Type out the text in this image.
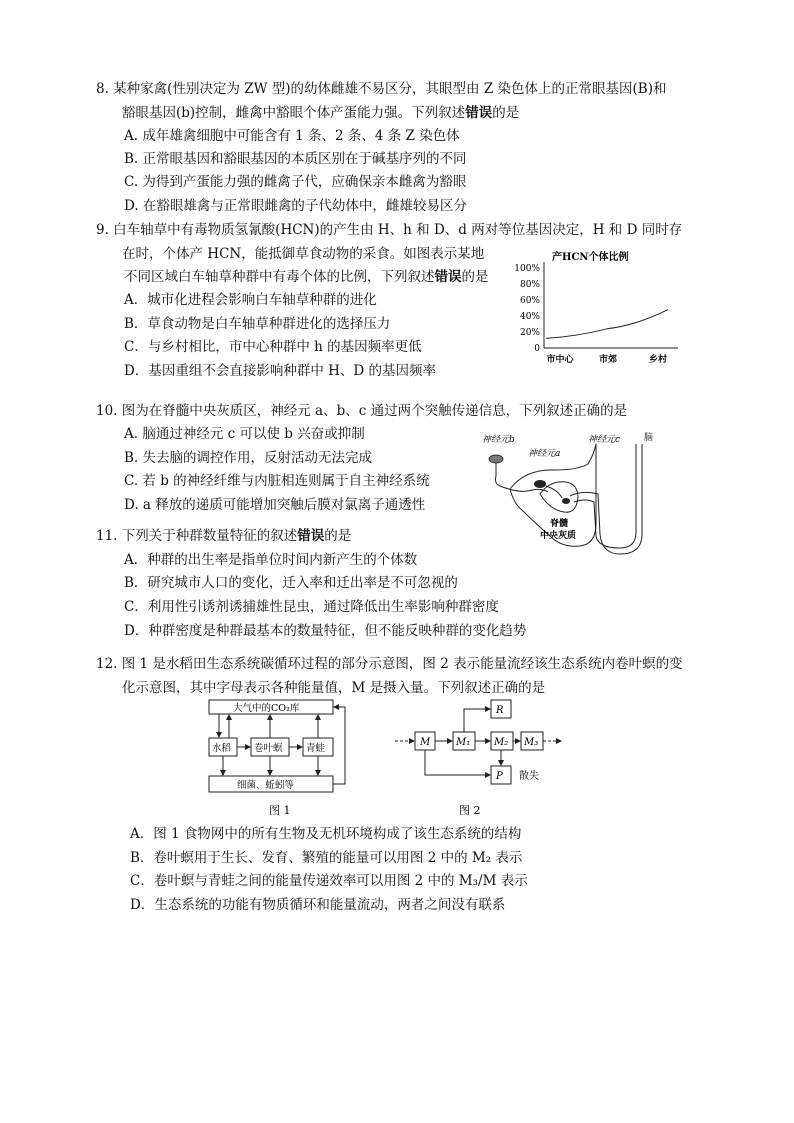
8. 某种家禽(性别决定为 ZW 型)的幼体雌雄不易区分，其眼型由 Z 染色体上的正常眼基因(B)和
豁眼基因(b)控制，雌禽中豁眼个体产蛋能力强。下列叙述错误的是
A. 成年雄禽细胞中可能含有 1 条、2 条、4 条 Z 染色体
B. 正常眼基因和豁眼基因的本质区别在于碱基序列的不同
C. 为得到产蛋能力强的雌禽子代，应确保亲本雌禽为豁眼
D. 在豁眼雄禽与正常眼雌禽的子代幼体中，雌雄较易区分
9. 白车轴草中有毒物质氢氰酸(HCN)的产生由 H、h 和 D、d 两对等位基因决定，H 和 D 同时存
在时，个体产 HCN，能抵御草食动物的采食。如图表示某地
不同区域白车轴草种群中有毒个体的比例，下列叙述错误的是
A．城市化进程会影响白车轴草种群的进化
B．草食动物是白车轴草种群进化的选择压力
C．与乡村相比，市中心种群中 h 的基因频率更低
D．基因重组不会直接影响种群中 H、D 的基因频率
产HCN个体比例
100%
80%
60%
40%
20%
0
市中心	市郊	乡村
10. 图为在脊髓中央灰质区，神经元 a、b、c 通过两个突触传递信息，下列叙述正确的是
A. 脑通过神经元 c 可以使 b 兴奋或抑制
B. 失去脑的调控作用，反射活动无法完成
C. 若 b 的神经纤维与内脏相连则属于自主神经系统
D. a 释放的递质可能增加突触后膜对氯离子通透性
神经元b
神经元a
神经元c	脑
脊髓
中央灰质
11. 下列关于种群数量特征的叙述错误的是
A．种群的出生率是指单位时间内新产生的个体数
B．研究城市人口的变化，迁入率和迁出率是不可忽视的
C．利用性引诱剂诱捕雄性昆虫，通过降低出生率影响种群密度
D．种群密度是种群最基本的数量特征，但不能反映种群的变化趋势
12. 图 1 是水稻田生态系统碳循环过程的部分示意图，图 2 表示能量流经该生态系统内卷叶螟的变
化示意图，其中字母表示各种能量值，M 是摄入量。下列叙述正确的是
大气中的CO₂库
水稻 卷叶螟 青蛙
细菌、蚯蚓等
图 1
M	M₁ M₂ M₃
R
P 散失
图 2
A．图 1 食物网中的所有生物及无机环境构成了该生态系统的结构
B．卷叶螟用于生长、发育、繁殖的能量可以用图 2 中的 M₂ 表示
C．卷叶螟与青蛙之间的能量传递效率可以用图 2 中的 M₃/M 表示
D．生态系统的功能有物质循环和能量流动，两者之间没有联系
